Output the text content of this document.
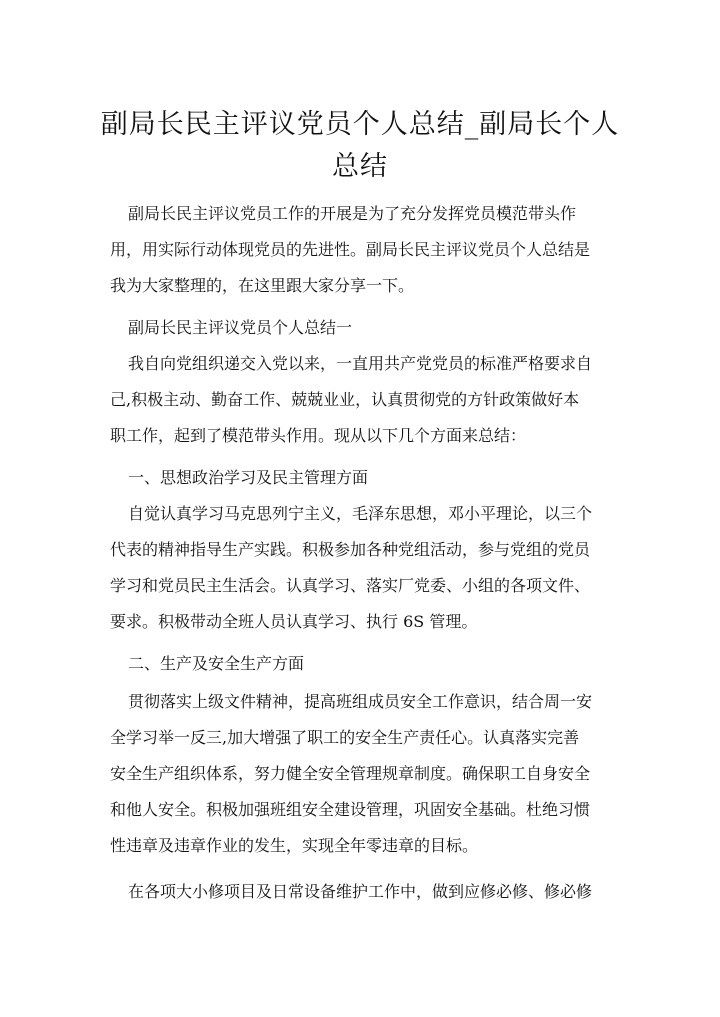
副局长民主评议党员个人总结_副局长个人
总结

副局长民主评议党员工作的开展是为了充分发挥党员模范带头作
用，用实际行动体现党员的先进性。副局长民主评议党员个人总结是
我为大家整理的，在这里跟大家分享一下。

副局长民主评议党员个人总结一

我自向党组织递交入党以来，一直用共产党党员的标准严格要求自
己,积极主动、勤奋工作、兢兢业业，认真贯彻党的方针政策做好本
职工作，起到了模范带头作用。现从以下几个方面来总结：

一、思想政治学习及民主管理方面

自觉认真学习马克思列宁主义，毛泽东思想，邓小平理论，以三个
代表的精神指导生产实践。积极参加各种党组活动，参与党组的党员
学习和党员民主生活会。认真学习、落实厂党委、小组的各项文件、
要求。积极带动全班人员认真学习、执行 6S 管理。

二、生产及安全生产方面

贯彻落实上级文件精神，提高班组成员安全工作意识，结合周一安
全学习举一反三,加大增强了职工的安全生产责任心。认真落实完善
安全生产组织体系，努力健全安全管理规章制度。确保职工自身安全
和他人安全。积极加强班组安全建设管理，巩固安全基础。杜绝习惯
性违章及违章作业的发生，实现全年零违章的目标。

在各项大小修项目及日常设备维护工作中，做到应修必修、修必修
